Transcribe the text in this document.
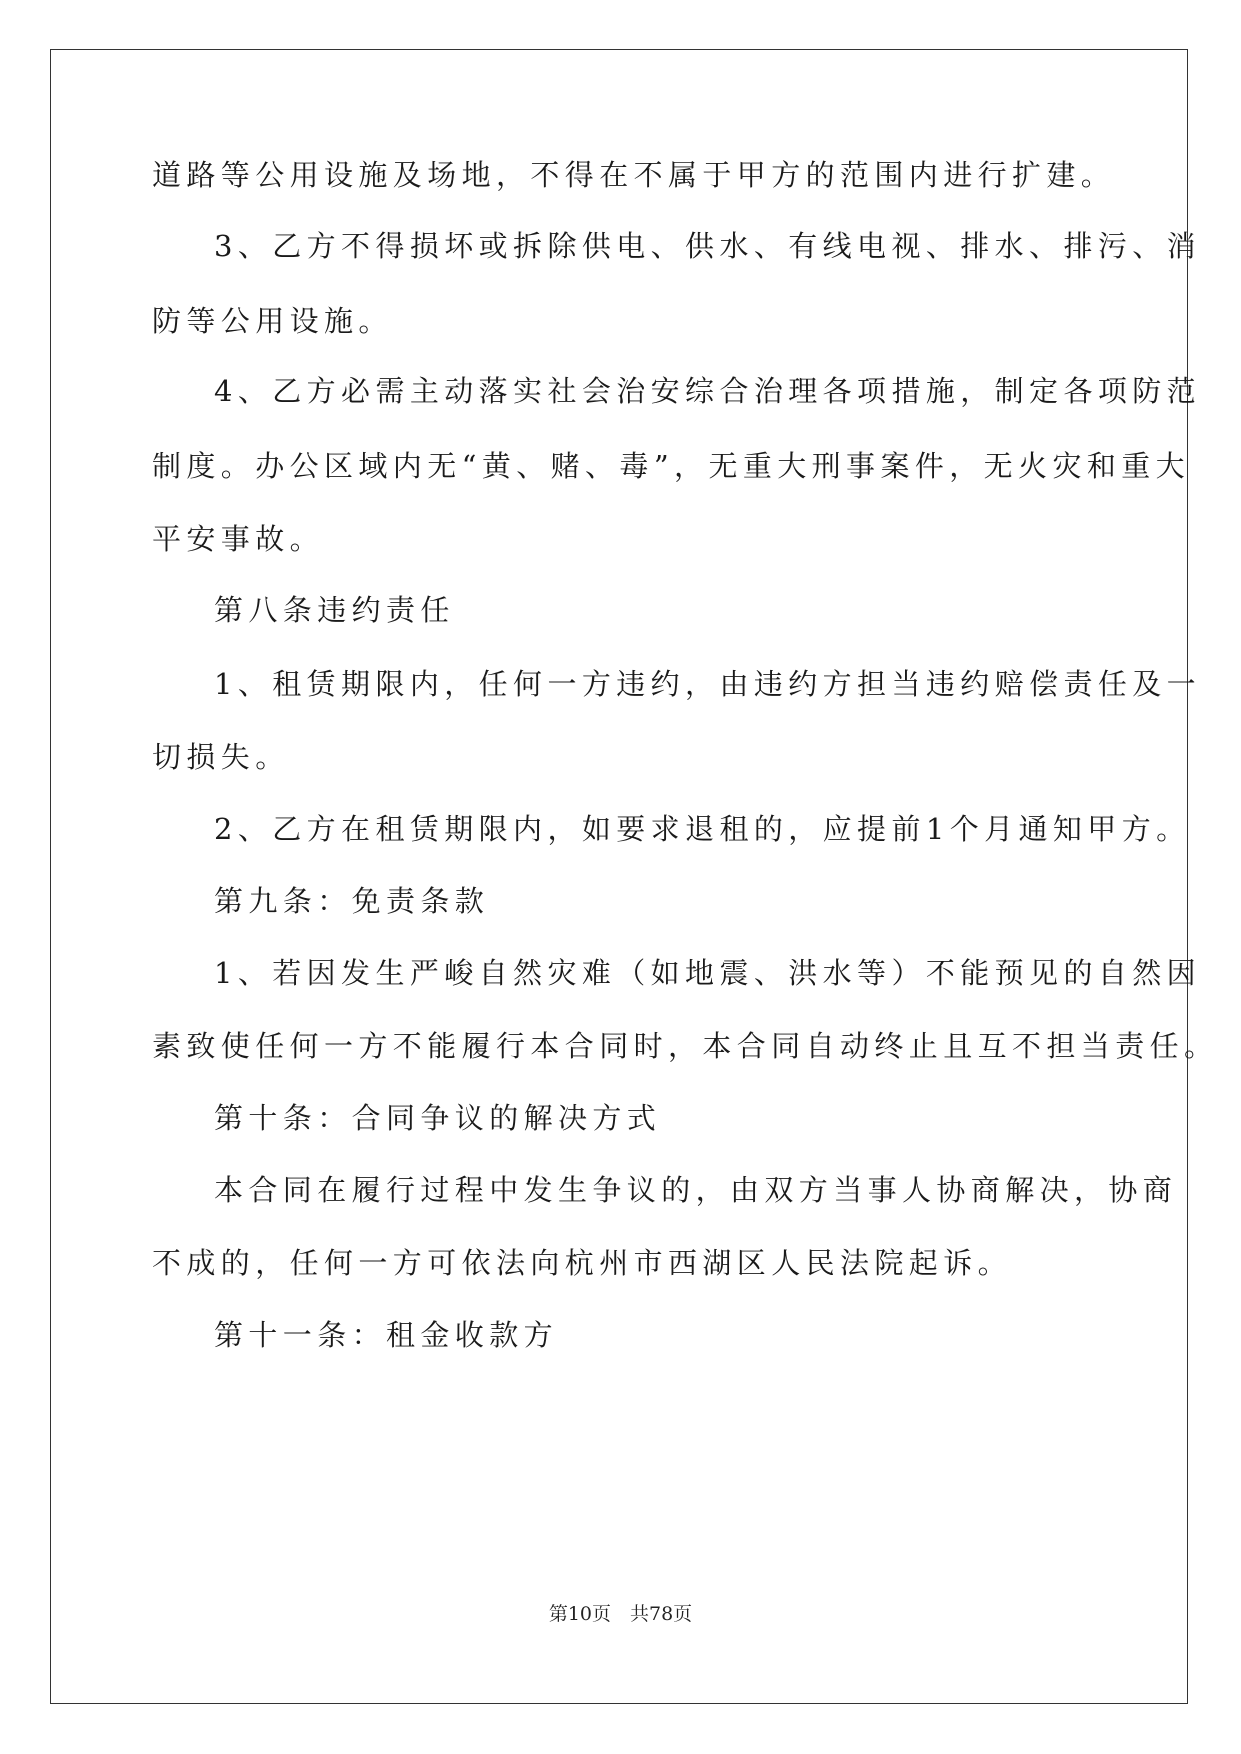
道路等公用设施及场地，不得在不属于甲方的范围内进行扩建。
3、乙方不得损坏或拆除供电、供水、有线电视、排水、排污、消
防等公用设施。
4、乙方必需主动落实社会治安综合治理各项措施，制定各项防范
制度。办公区域内无“黄、赌、毒”，无重大刑事案件，无火灾和重大
平安事故。
第八条违约责任
1、租赁期限内，任何一方违约，由违约方担当违约赔偿责任及一
切损失。
2、乙方在租赁期限内，如要求退租的，应提前1个月通知甲方。
第九条：免责条款
1、若因发生严峻自然灾难（如地震、洪水等）不能预见的自然因
素致使任何一方不能履行本合同时，本合同自动终止且互不担当责任。
第十条：合同争议的解决方式
本合同在履行过程中发生争议的，由双方当事人协商解决，协商
不成的，任何一方可依法向杭州市西湖区人民法院起诉。
第十一条：租金收款方
第10页　共78页
